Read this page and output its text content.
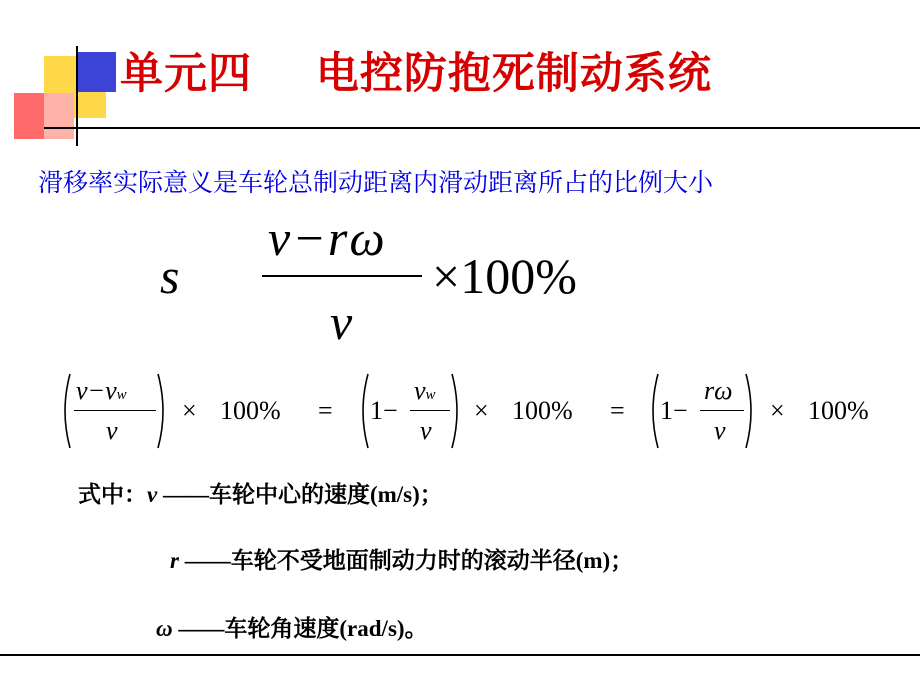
单元四    电控防抱死制动系统
滑移率实际意义是车轮总制动距离内滑动距离所占的比例大小
s
v−rω
v
×100%
v−vw
v
× 100% = 1−
vw
v
× 100% = 1−
rω
v
× 100%
式中：v ——车轮中心的速度(m/s)；
r ——车轮不受地面制动力时的滚动半径(m)；
ω ——车轮角速度(rad/s)。
